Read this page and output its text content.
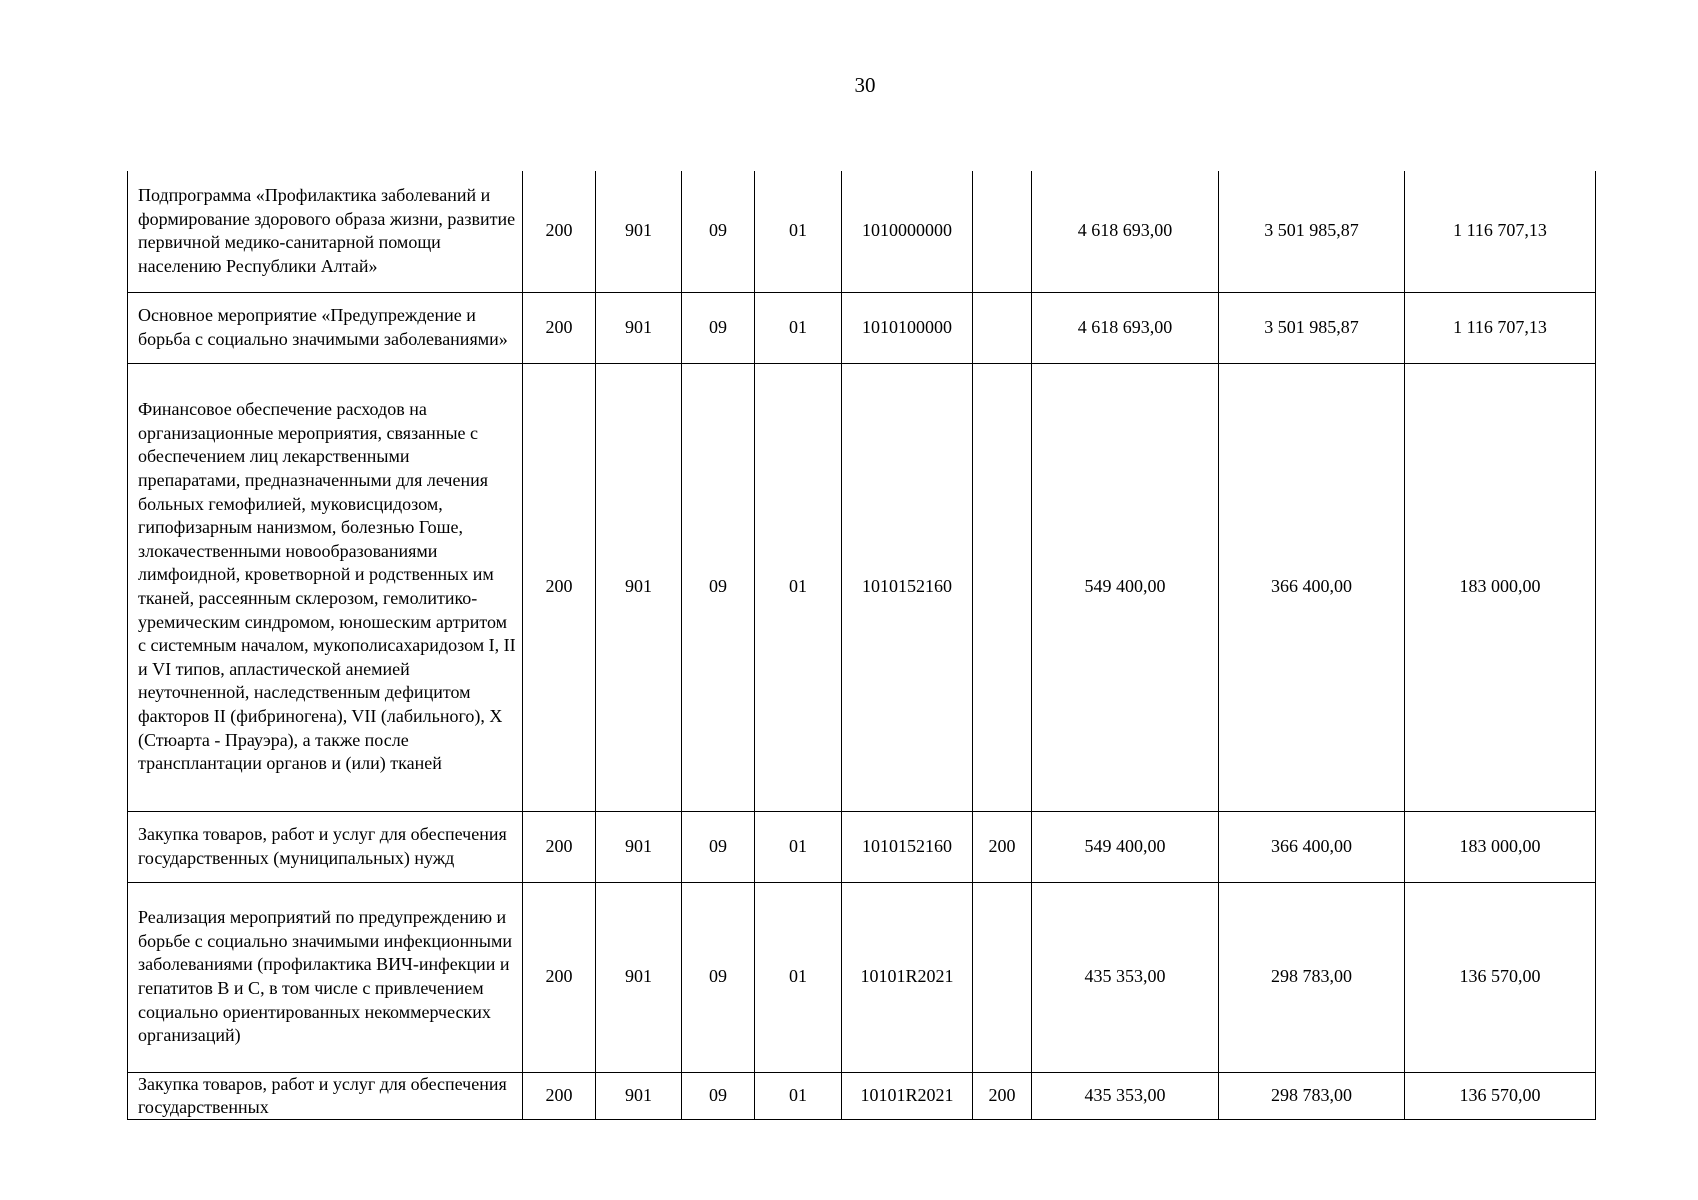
30
Подпрограмма «Профилактика заболеваний и формирование здорового образа жизни, развитие первичной медико-санитарной помощи населению Республики Алтай»	200	901	09	01	1010000000		4 618 693,00	3 501 985,87	1 116 707,13
Основное мероприятие «Предупреждение и борьба с социально значимыми заболеваниями»	200	901	09	01	1010100000		4 618 693,00	3 501 985,87	1 116 707,13
Финансовое обеспечение расходов на организационные мероприятия, связанные с обеспечением лиц лекарственными препаратами, предназначенными для лечения больных гемофилией, муковисцидозом, гипофизарным нанизмом, болезнью Гоше, злокачественными новообразованиями лимфоидной, кроветворной и родственных им тканей, рассеянным склерозом, гемолитико-уремическим синдромом, юношеским артритом с системным началом, мукополисахаридозом I, II и VI типов, апластической анемией неуточненной, наследственным дефицитом факторов II (фибриногена), VII (лабильного), X (Стюарта - Прауэра), а также после трансплантации органов и (или) тканей	200	901	09	01	1010152160		549 400,00	366 400,00	183 000,00
Закупка товаров, работ и услуг для обеспечения государственных (муниципальных) нужд	200	901	09	01	1010152160	200	549 400,00	366 400,00	183 000,00
Реализация мероприятий по предупреждению и борьбе с социально значимыми инфекционными заболеваниями (профилактика ВИЧ-инфекции и гепатитов B и C, в том числе с привлечением социально ориентированных некоммерческих организаций)	200	901	09	01	10101R2021		435 353,00	298 783,00	136 570,00

Закупка товаров, работ и услуг для обеспечения государственных	200	901	09	01	10101R2021	200	435 353,00	298 783,00	136 570,00
